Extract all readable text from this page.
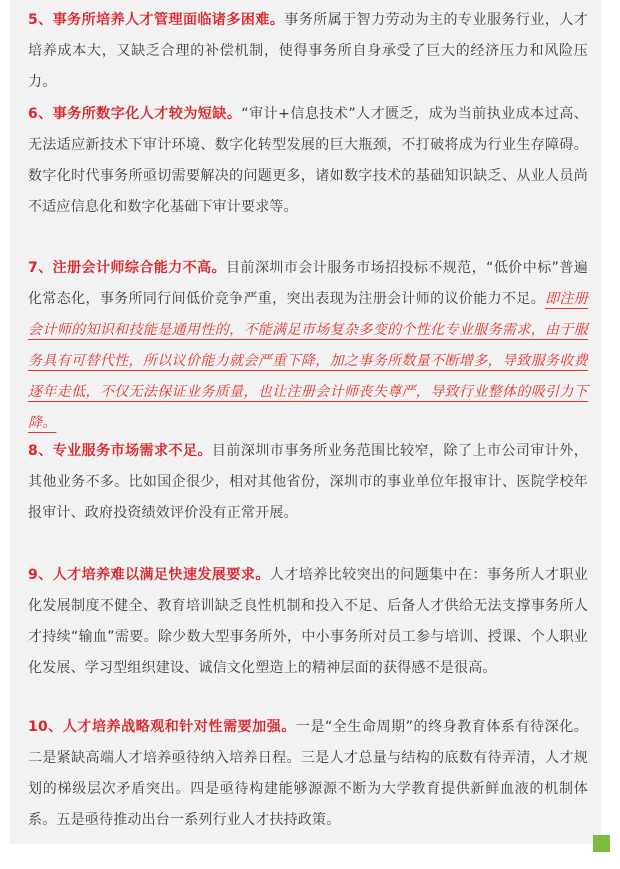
5、事务所培养人才管理面临诸多困难。事务所属于智力劳动为主的专业服务行业，人才培养成本大，又缺乏合理的补偿机制，使得事务所自身承受了巨大的经济压力和风险压力。

6、事务所数字化人才较为短缺。“审计+信息技术”人才匮乏，成为当前执业成本过高、无法适应新技术下审计环境、数字化转型发展的巨大瓶颈，不打破将成为行业生存障碍。数字化时代事务所亟切需要解决的问题更多，诸如数字技术的基础知识缺乏、从业人员尚不适应信息化和数字化基础下审计要求等。

7、注册会计师综合能力不高。目前深圳市会计服务市场招投标不规范，“低价中标”普遍化常态化，事务所同行间低价竞争严重，突出表现为注册会计师的议价能力不足。即注册会计师的知识和技能是通用性的，不能满足市场复杂多变的个性化专业服务需求，由于服务具有可替代性，所以议价能力就会严重下降，加之事务所数量不断增多，导致服务收费逐年走低，不仅无法保证业务质量，也让注册会计师丧失尊严，导致行业整体的吸引力下降。

8、专业服务市场需求不足。目前深圳市事务所业务范围比较窄，除了上市公司审计外，其他业务不多。比如国企很少，相对其他省份，深圳市的事业单位年报审计、医院学校年报审计、政府投资绩效评价没有正常开展。

9、人才培养难以满足快速发展要求。人才培养比较突出的问题集中在：事务所人才职业化发展制度不健全、教育培训缺乏良性机制和投入不足、后备人才供给无法支撑事务所人才持续“输血”需要。除少数大型事务所外，中小事务所对员工参与培训、授课、个人职业化发展、学习型组织建设、诚信文化塑造上的精神层面的获得感不是很高。

10、人才培养战略观和针对性需要加强。一是“全生命周期”的终身教育体系有待深化。二是紧缺高端人才培养亟待纳入培养日程。三是人才总量与结构的底数有待弄清，人才规划的梯级层次矛盾突出。四是亟待构建能够源源不断为大学教育提供新鲜血液的机制体系。五是亟待推动出台一系列行业人才扶持政策。
